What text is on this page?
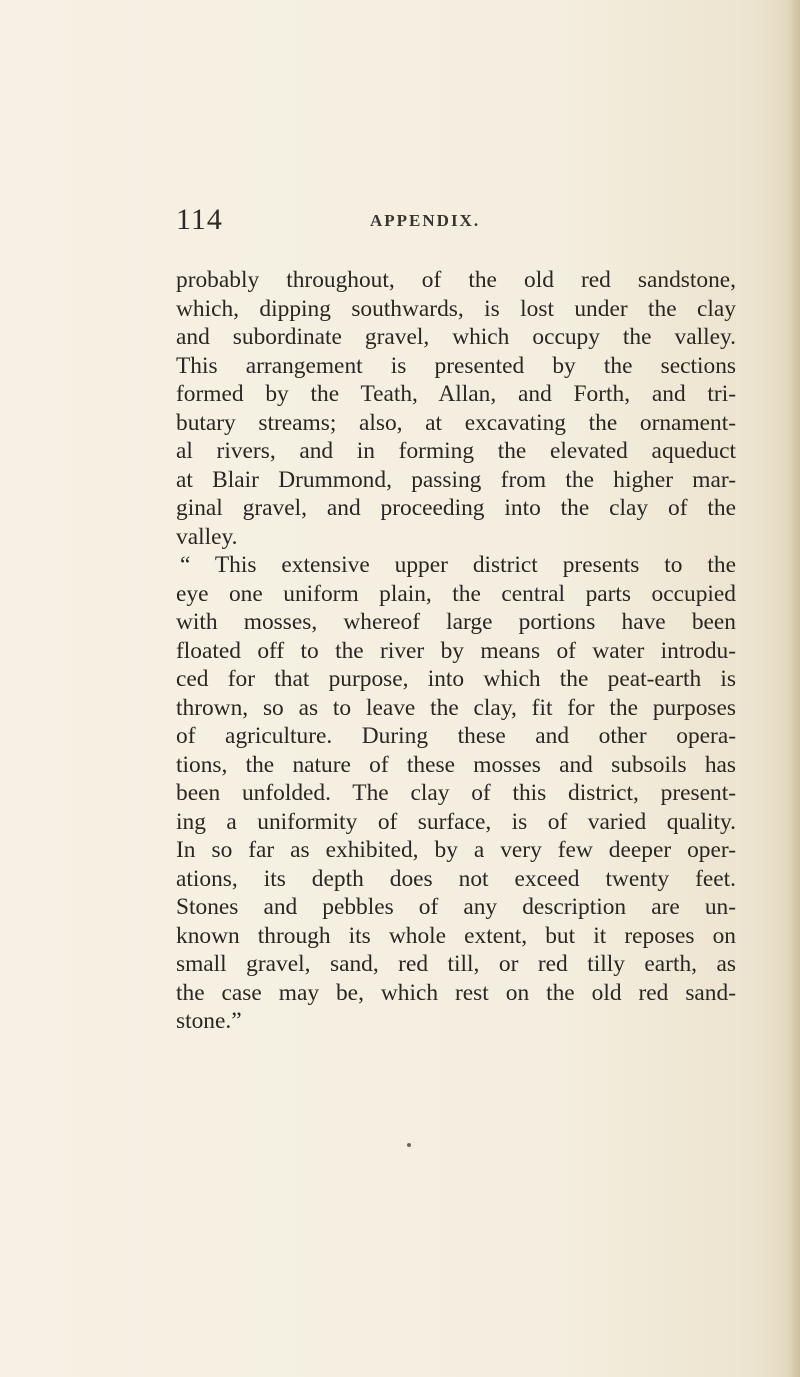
114	APPENDIX.
probably throughout, of the old red sandstone,
which, dipping southwards, is lost under the clay
and subordinate gravel, which occupy the valley.
This arrangement is presented by the sections
formed by the Teath, Allan, and Forth, and tri-
butary streams; also, at excavating the ornament-
al rivers, and in forming the elevated aqueduct
at Blair Drummond, passing from the higher mar-
ginal gravel, and proceeding into the clay of the
valley.
“ This extensive upper district presents to the
eye one uniform plain, the central parts occupied
with mosses, whereof large portions have been
floated off to the river by means of water introdu-
ced for that purpose, into which the peat-earth is
thrown, so as to leave the clay, fit for the purposes
of agriculture. During these and other opera-
tions, the nature of these mosses and subsoils has
been unfolded. The clay of this district, present-
ing a uniformity of surface, is of varied quality.
In so far as exhibited, by a very few deeper oper-
ations, its depth does not exceed twenty feet.
Stones and pebbles of any description are un-
known through its whole extent, but it reposes on
small gravel, sand, red till, or red tilly earth, as
the case may be, which rest on the old red sand-
stone.”
